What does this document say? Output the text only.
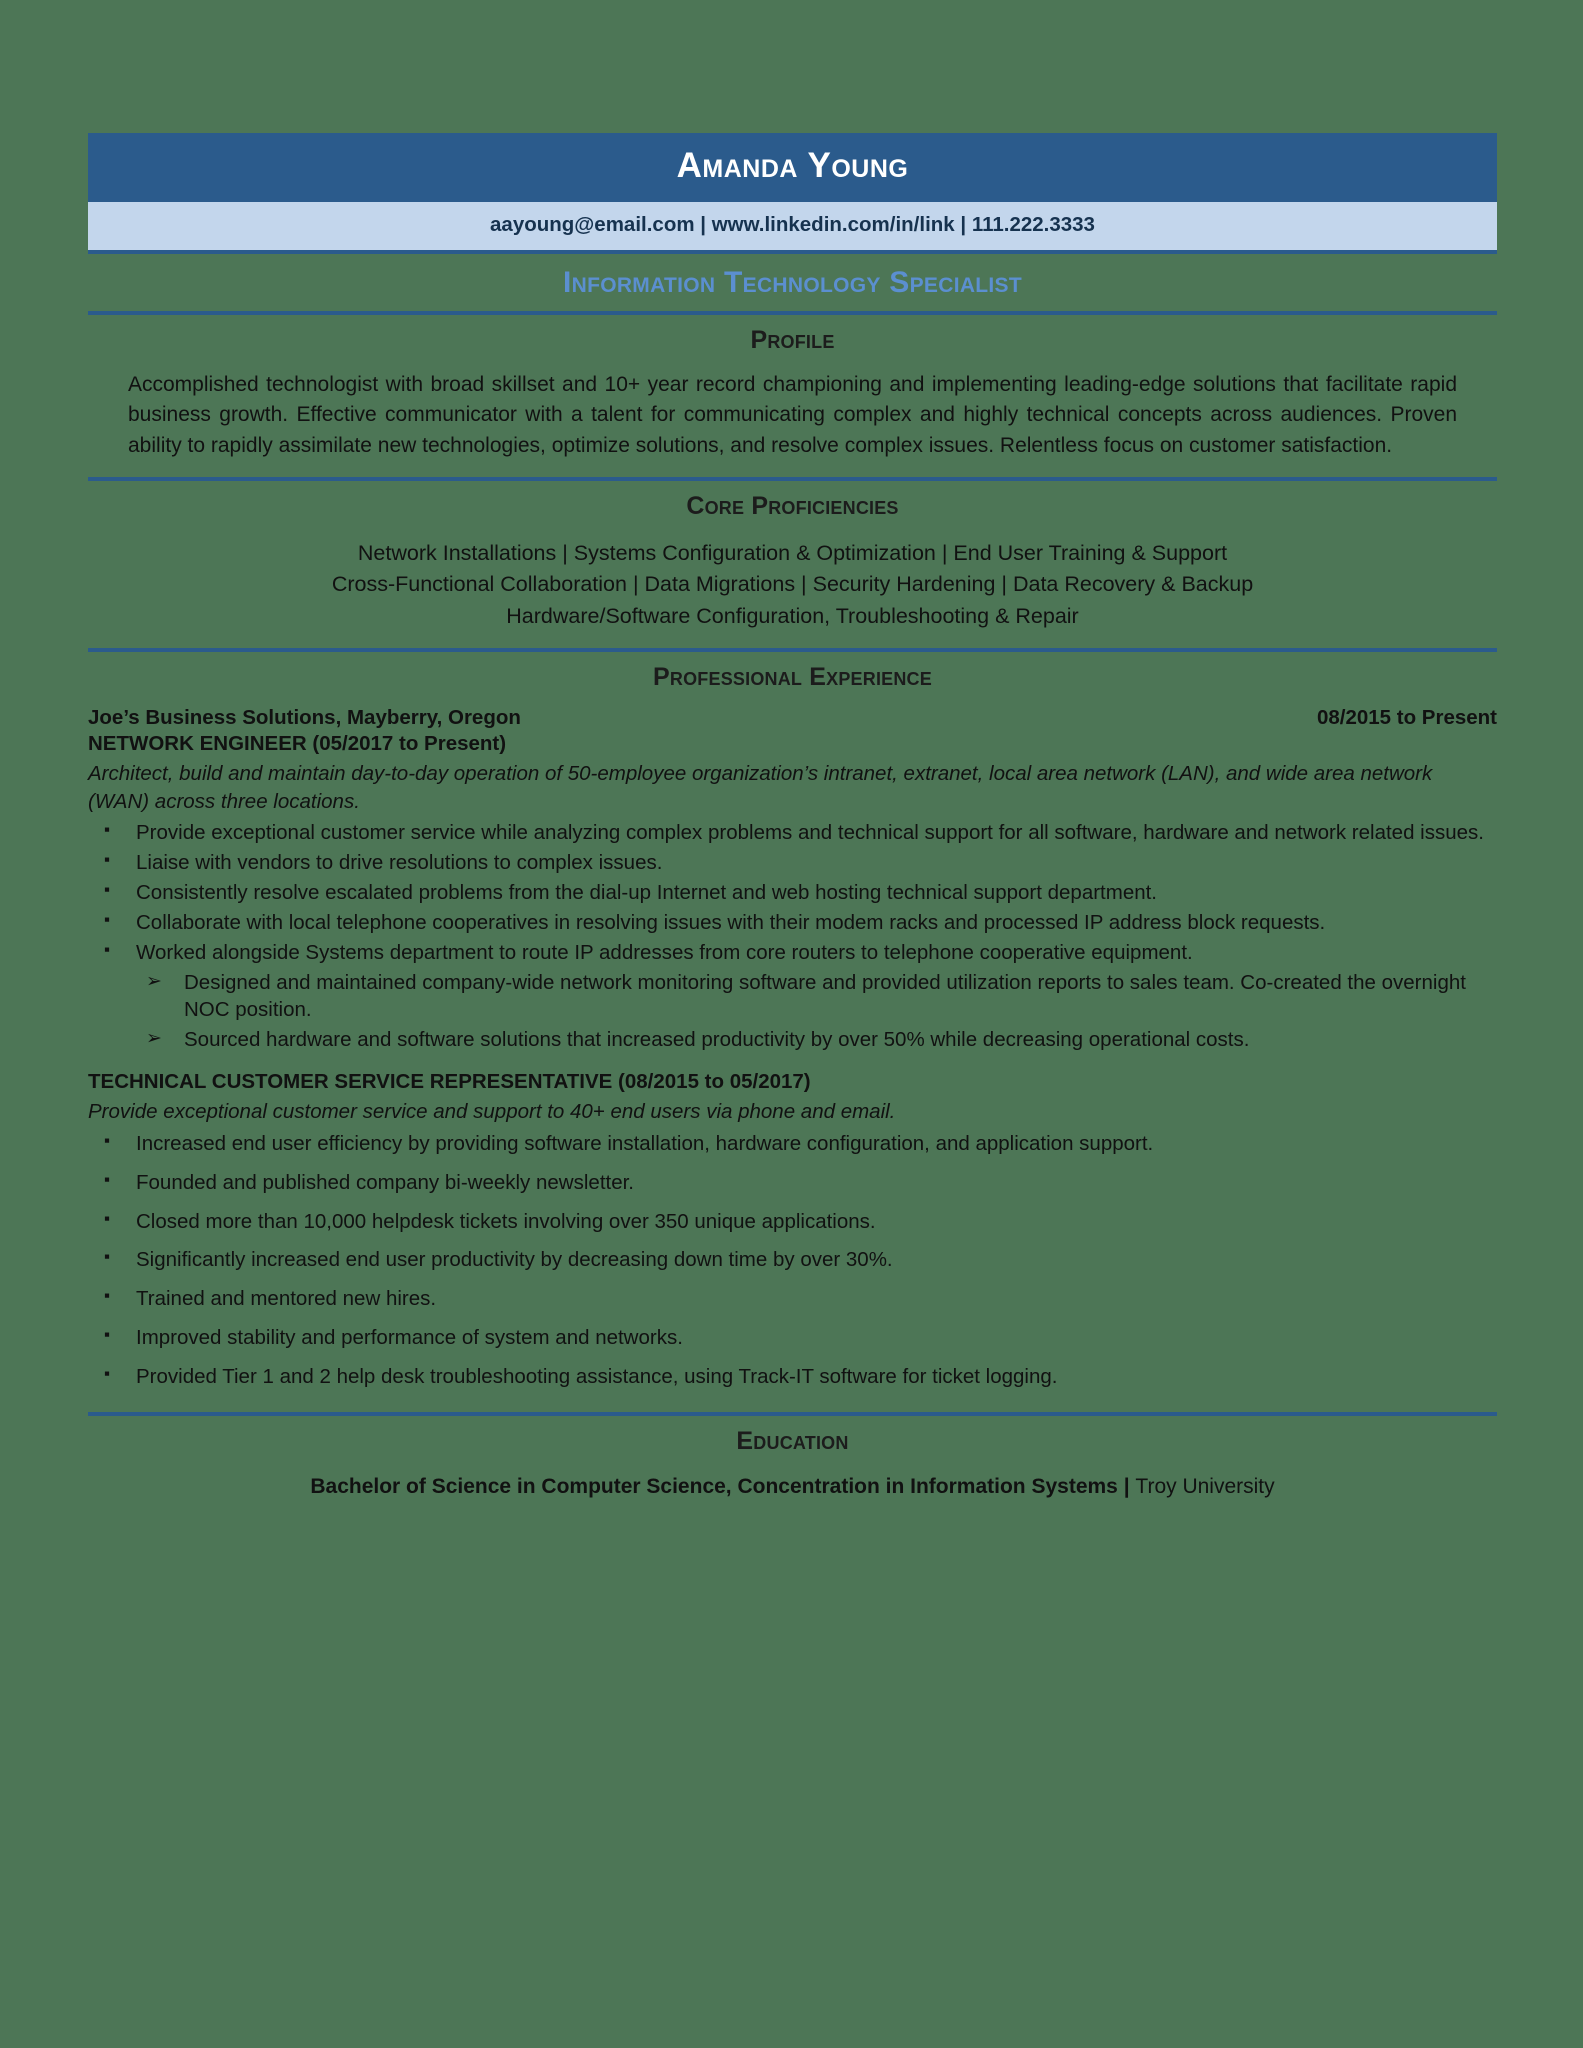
Amanda Young
aayoung@email.com | www.linkedin.com/in/link | 111.222.3333
Information Technology Specialist
Profile
Accomplished technologist with broad skillset and 10+ year record championing and implementing leading-edge solutions that facilitate rapid business growth. Effective communicator with a talent for communicating complex and highly technical concepts across audiences. Proven ability to rapidly assimilate new technologies, optimize solutions, and resolve complex issues. Relentless focus on customer satisfaction.
Core Proficiencies
Network Installations | Systems Configuration & Optimization | End User Training & Support
Cross-Functional Collaboration | Data Migrations | Security Hardening | Data Recovery & Backup
Hardware/Software Configuration, Troubleshooting & Repair
Professional Experience
Joe’s Business Solutions, Mayberry, Oregon	08/2015 to Present
NETWORK ENGINEER (05/2017 to Present)
Architect, build and maintain day-to-day operation of 50-employee organization’s intranet, extranet, local area network (LAN), and wide area network (WAN) across three locations.
▪ Provide exceptional customer service while analyzing complex problems and technical support for all software, hardware and network related issues.
▪ Liaise with vendors to drive resolutions to complex issues.
▪ Consistently resolve escalated problems from the dial-up Internet and web hosting technical support department.
▪ Collaborate with local telephone cooperatives in resolving issues with their modem racks and processed IP address block requests.
▪ Worked alongside Systems department to route IP addresses from core routers to telephone cooperative equipment.
➢ Designed and maintained company-wide network monitoring software and provided utilization reports to sales team. Co-created the overnight NOC position.
➢ Sourced hardware and software solutions that increased productivity by over 50% while decreasing operational costs.
TECHNICAL CUSTOMER SERVICE REPRESENTATIVE (08/2015 to 05/2017)
Provide exceptional customer service and support to 40+ end users via phone and email.
▪ Increased end user efficiency by providing software installation, hardware configuration, and application support.
▪ Founded and published company bi-weekly newsletter.
▪ Closed more than 10,000 helpdesk tickets involving over 350 unique applications.
▪ Significantly increased end user productivity by decreasing down time by over 30%.
▪ Trained and mentored new hires.
▪ Improved stability and performance of system and networks.
▪ Provided Tier 1 and 2 help desk troubleshooting assistance, using Track-IT software for ticket logging.
Education
Bachelor of Science in Computer Science, Concentration in Information Systems | Troy University
